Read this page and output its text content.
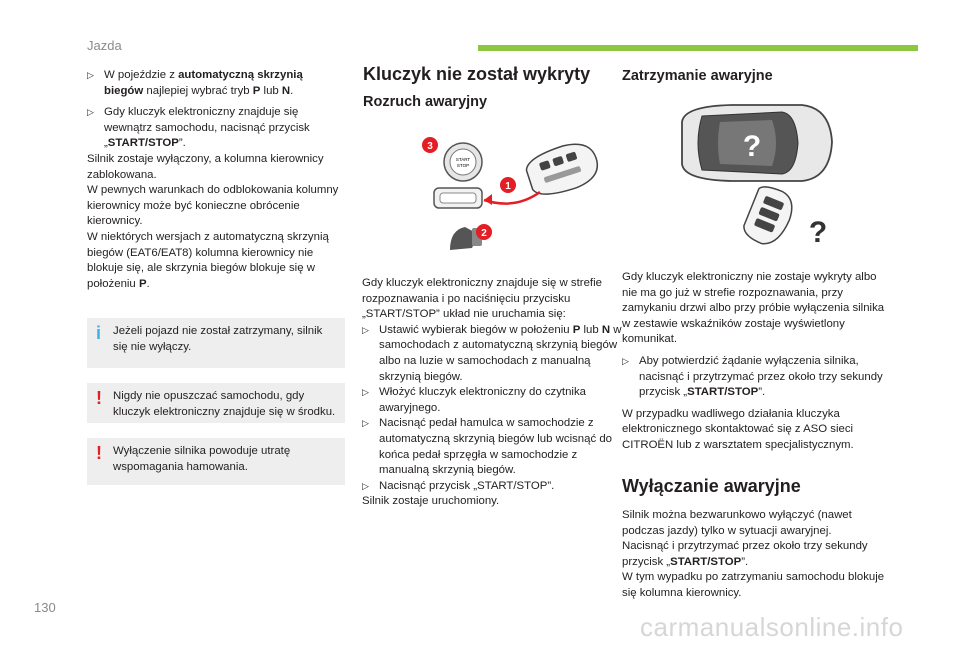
Jazda

▷ W pojeździe z automatyczną skrzynią biegów najlepiej wybrać tryb P lub N.

▷ Gdy kluczyk elektroniczny znajduje się wewnątrz samochodu, nacisnąć przycisk „START/STOP”.

Silnik zostaje wyłączony, a kolumna kierownicy zablokowana.

W pewnych warunkach do odblokowania kolumny kierownicy może być konieczne obrócenie kierownicy.

W niektórych wersjach z automatyczną skrzynią biegów (EAT6/EAT8) kolumna kierownicy nie blokuje się, ale skrzynia biegów blokuje się w położeniu P.

i Jeżeli pojazd nie został zatrzymany, silnik się nie wyłączy.
! Nigdy nie opuszczać samochodu, gdy kluczyk elektroniczny znajduje się w środku.
! Wyłączenie silnika powoduje utratę wspomagania hamowania.
Kluczyk nie został wykryty
Rozruch awaryjny
START
STOP
3
1
2

Gdy kluczyk elektroniczny znajduje się w strefie rozpoznawania i po naciśnięciu przycisku „START/STOP” układ nie uruchamia się:

▷ Ustawić wybierak biegów w położeniu P lub N w samochodach z automatyczną skrzynią biegów albo na luzie w samochodach z manualną skrzynią biegów.

▷ Włożyć kluczyk elektroniczny do czytnika awaryjnego.

▷ Nacisnąć pedał hamulca w samochodzie z automatyczną skrzynią biegów lub wcisnąć do końca pedał sprzęgła w samochodzie z manualną skrzynią biegów.

▷ Nacisnąć przycisk „START/STOP”.

Silnik zostaje uruchomiony.

Zatrzymanie awaryjne
?
?

Gdy kluczyk elektroniczny nie zostaje wykryty albo nie ma go już w strefie rozpoznawania, przy zamykaniu drzwi albo przy próbie wyłączenia silnika w zestawie wskaźników zostaje wyświetlony komunikat.

▷ Aby potwierdzić żądanie wyłączenia silnika, nacisnąć i przytrzymać przez około trzy sekundy przycisk „START/STOP”.

W przypadku wadliwego działania kluczyka elektronicznego skontaktować się z ASO sieci CITROËN lub z warsztatem specjalistycznym.

Wyłączanie awaryjne

Silnik można bezwarunkowo wyłączyć (nawet podczas jazdy) tylko w sytuacji awaryjnej.

Nacisnąć i przytrzymać przez około trzy sekundy przycisk „START/STOP”.

W tym wypadku po zatrzymaniu samochodu blokuje się kolumna kierownicy.

130
carmanualsonline.info
